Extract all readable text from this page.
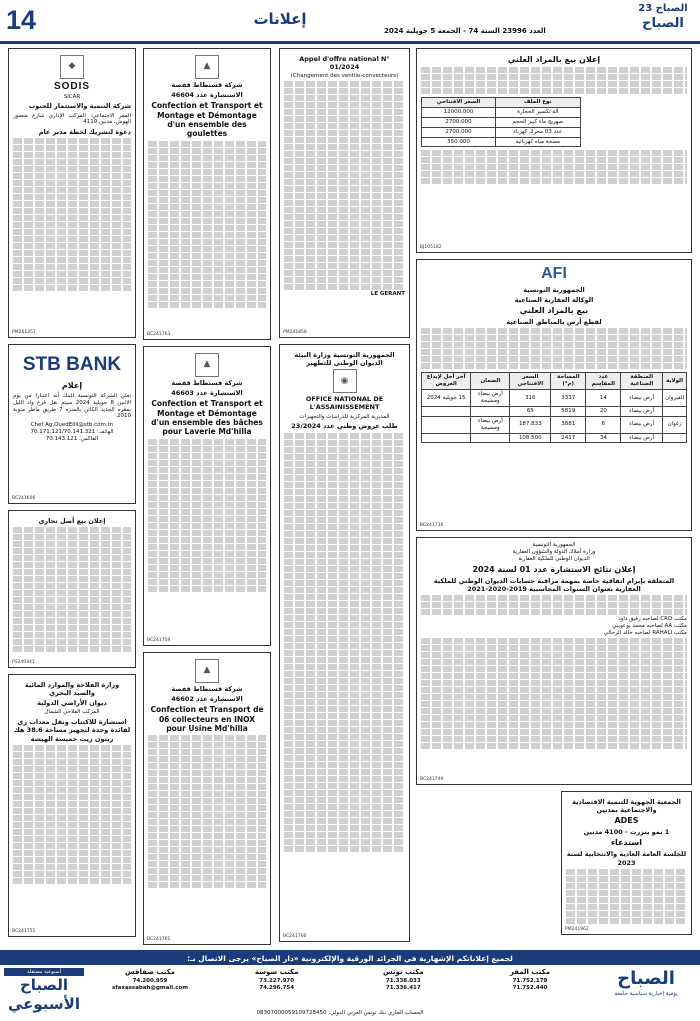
14	إعلانات
العدد 23996 السنة 74 - الجمعة 5 جويلية 2024
23 الصباح
الصباح
◆
SODIS
SICAR
شركة التنمية والاستثمار للجنوب
المقر الاجتماعي: المركب الإداري شارع منصور الهوش، مدنين 4119
دعوة لتشريك لخطة مدير عام
PM261357
STB BANK
إعلام
تعلن الشركة التونسية للبنك أنه اعتبارا من يوم الاثنين 8 جويلية 2024 سيتم نقل فرع واد الليل بمقره الجديد الكائن بالمنزه 7 طريق ماطر منوبة 2010.
Chef Ag.OuedEllil@stb.com.tn
الهاتف: 70.171.121/70.141.321
الفاكس: 70.143.121
BC241606
إعلان بيع أصل تجاري
PS240341
وزارة الفلاحة والموارد المائية والصيد البحري
ديوان الأراضي الدولية
المركب الفلاحي الشمال
استشارة للاكتتاب ونقل معدات ري لفائدة وحدة لتجهيز مساحة 38.6 هك زيتون زيت خميسة الهيشة
BC241751
▲
شركة قسنطاط قفصة
الاستشارة عدد 46604
Confection et Transport et Montage et Démontage d'un ensemble des goulettes
BC241763
▲
شركة قسنطاط قفصة
الاستشارة عدد 46603
Confection et Transport et Montage et Démontage d'un ensemble des bâches pour Laverie Md'hilla
BC241759
▲
شركة قسنطاط قفصة
الاستشارة عدد 46602
Confection et Transport de 06 collecteurs en INOX pour Usine Md'hilla
BC241761
Appel d'offre national N° 01/2024
(Changement des ventilo-convecteurs)
LE GERANT
PM241858
الجمهورية التونسية وزارة البيئة الديوان الوطني للتطهير
◉
OFFICE NATIONAL DE L'ASSAINISSEMENT
المديرية المركزية للدراسات والتجهيزات
طلب عروض وطني عدد 23/2024
BC241766
إعلان بيع بالمزاد العلني
نوع الملف	السعر الافتتاحي
آلة تكسير الحجارة	12000.000
صهريج ماء كبير الحجم	2700.000
عدد 03 محرك كهرباء	2700.000
مضخة مياه كهربائية	350.000
BJ105182
AFI
الجمهورية التونسية
الوكالة العقارية الصناعية
بيع بالمزاد العلني
لقطع أرض بالمناطق الصناعية
الولاية	المنطقة الصناعية	عدد المقاسم	المساحة (م²)	السعر الافتتاحي	الضمان	آخر أجل لإيداع العروض
القيروان	أرض بيضاء	14	3337	316	أرض بيضاء ومسيجة	15 جويلية 2024
	أرض بيضاء	20	5819	65		
زغوان	أرض بيضاء	6	3881	187.833	أرض بيضاء ومسيجة	
	أرض بيضاء	34	2417	108.500		
BC241736
الجمهورية التونسية
وزارة أملاك الدولة والشؤون العقارية
الديوان الوطني للملكية العقارية
إعلان نتائج الاستشارة عدد 01 لسنة 2024
المتعلقة بإبرام اتفاقية خاصة بمهمة مراقبة حسابات الديوان الوطني للملكية العقارية بعنوان السنوات المحاسبية 2019-2020-2021
مكتب CRD لصاحبه رفيق داود
مكتب AA لصاحبه محمد بوعويني
مكتب RAHALI لصاحبه خالد الرحالي
BC241749
الجمعية الجهوية للتنمية الاقتصادية والاجتماعية بمدنين
ADES
1 نمو بنزرت - 4100 مدنين
استدعاء
للجلسة العامة العادية والانتخابية لسنة 2023
PM241962
لجميع إعلاناتكم الإشهارية في الجرائد الورقية والإلكترونية «دار الصباح» يرجى الاتصال بـ:
الصباح
يومية إخبارية سياسية جامعة
مكتب المقر
71.752.179
71.752.440
مكتب تونس
71.338.033
71.336.417
مكتب سوسة
73.227.970
74.296.754
مكتب صفاقس
74.200.959
sfaxassabah@gmail.com
الحساب الجاري بنك تونس العربي الدولي: 08307000059109728450
أسبوعية مستقلة
الصباح الأسبوعي
